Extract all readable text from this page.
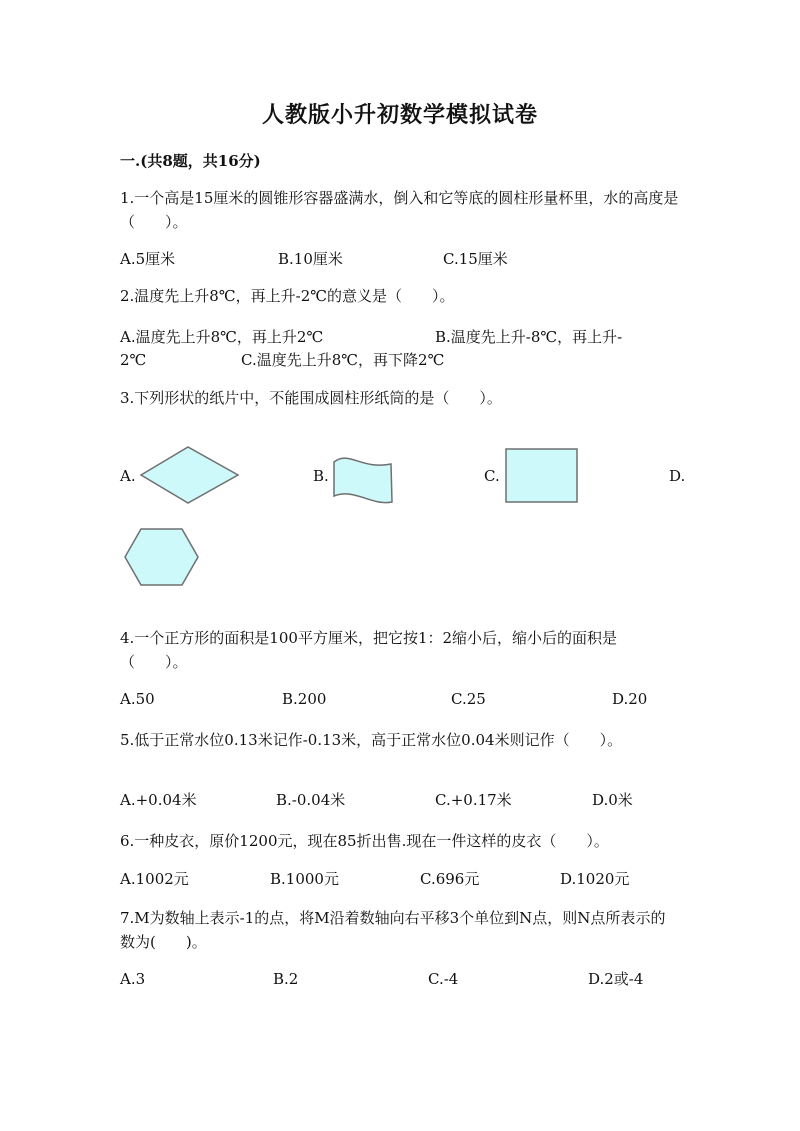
人教版小升初数学模拟试卷
一.(共8题，共16分)
1.一个高是15厘米的圆锥形容器盛满水，倒入和它等底的圆柱形量杯里，水的高度是（　　）。
A.5厘米	B.10厘米	C.15厘米
2.温度先上升8℃，再上升-2℃的意义是（　　）。
A.温度先上升8℃，再上升2℃	B.温度先上升-8℃，再上升-
2℃	C.温度先上升8℃，再下降2℃
3.下列形状的纸片中，不能围成圆柱形纸筒的是（　　）。
A.	B.	C.	D.
4.一个正方形的面积是100平方厘米，把它按1：2缩小后，缩小后的面积是（　　）。
A.50	B.200	C.25	D.20
5.低于正常水位0.13米记作-0.13米，高于正常水位0.04米则记作（　　）。
A.+0.04米	B.-0.04米	C.+0.17米	D.0米
6.一种皮衣，原价1200元，现在85折出售.现在一件这样的皮衣（　　）。
A.1002元	B.1000元	C.696元	D.1020元
7.M为数轴上表示-1的点，将M沿着数轴向右平移3个单位到N点，则N点所表示的数为(　　)。
A.3	B.2	C.-4	D.2或-4
